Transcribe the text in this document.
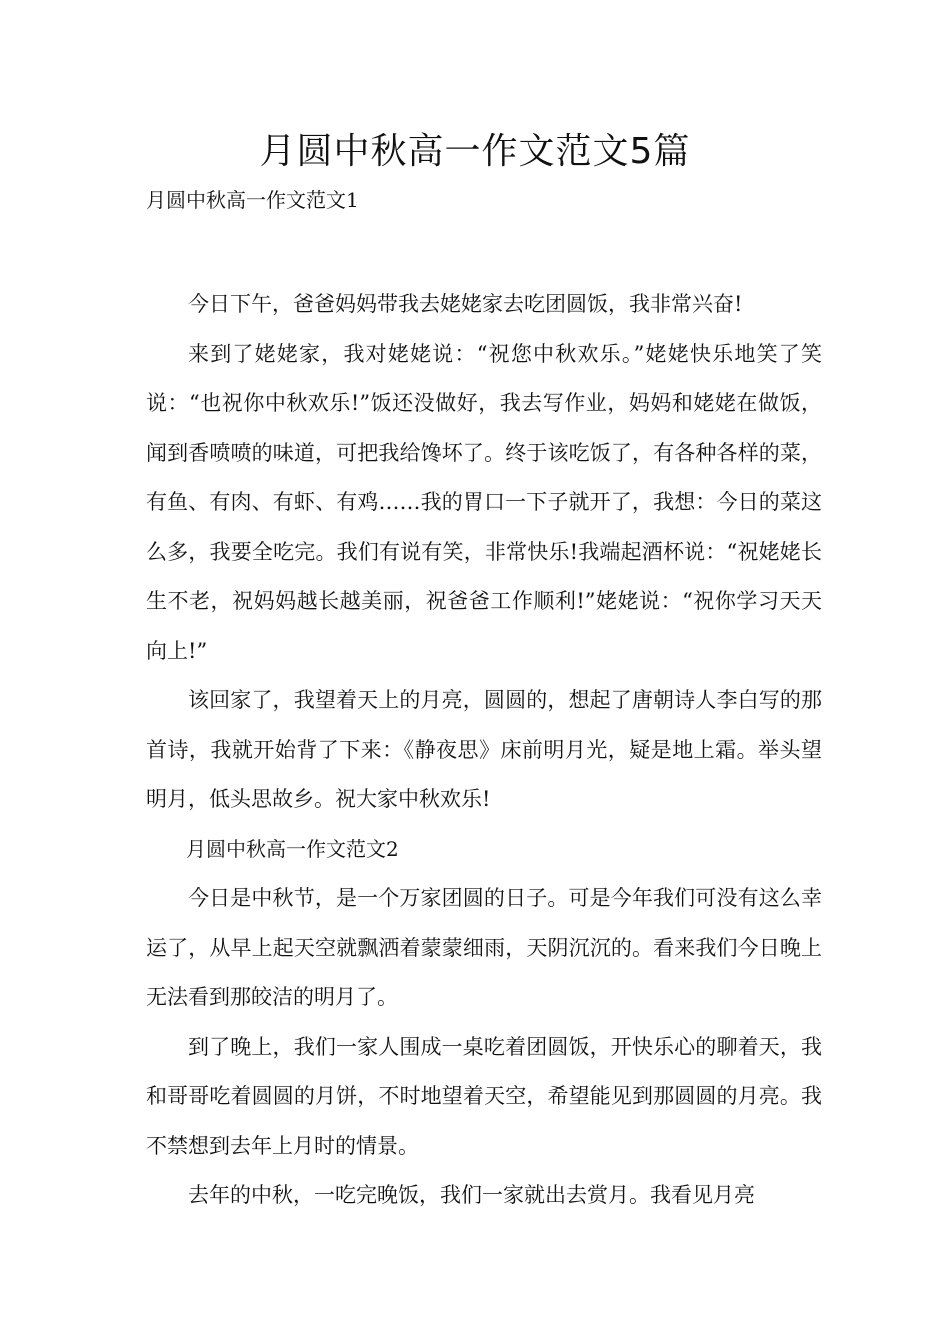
月圆中秋高一作文范文5篇
月圆中秋高一作文范文1

今日下午，爸爸妈妈带我去姥姥家去吃团圆饭，我非常兴奋!

来到了姥姥家，我对姥姥说：“祝您中秋欢乐。”姥姥快乐地笑了笑说：“也祝你中秋欢乐!”饭还没做好，我去写作业，妈妈和姥姥在做饭，闻到香喷喷的味道，可把我给馋坏了。终于该吃饭了，有各种各样的菜，有鱼、有肉、有虾、有鸡……我的胃口一下子就开了，我想：今日的菜这么多，我要全吃完。我们有说有笑，非常快乐!我端起酒杯说：“祝姥姥长生不老，祝妈妈越长越美丽，祝爸爸工作顺利!”姥姥说：“祝你学习天天向上!”

该回家了，我望着天上的月亮，圆圆的，想起了唐朝诗人李白写的那首诗，我就开始背了下来：《静夜思》床前明月光，疑是地上霜。举头望明月，低头思故乡。祝大家中秋欢乐!

月圆中秋高一作文范文2

今日是中秋节，是一个万家团圆的日子。可是今年我们可没有这么幸运了，从早上起天空就飘洒着蒙蒙细雨，天阴沉沉的。看来我们今日晚上无法看到那皎洁的明月了。

到了晚上，我们一家人围成一桌吃着团圆饭，开快乐心的聊着天，我和哥哥吃着圆圆的月饼，不时地望着天空，希望能见到那圆圆的月亮。我不禁想到去年上月时的情景。

去年的中秋，一吃完晚饭，我们一家就出去赏月。我看见月亮
